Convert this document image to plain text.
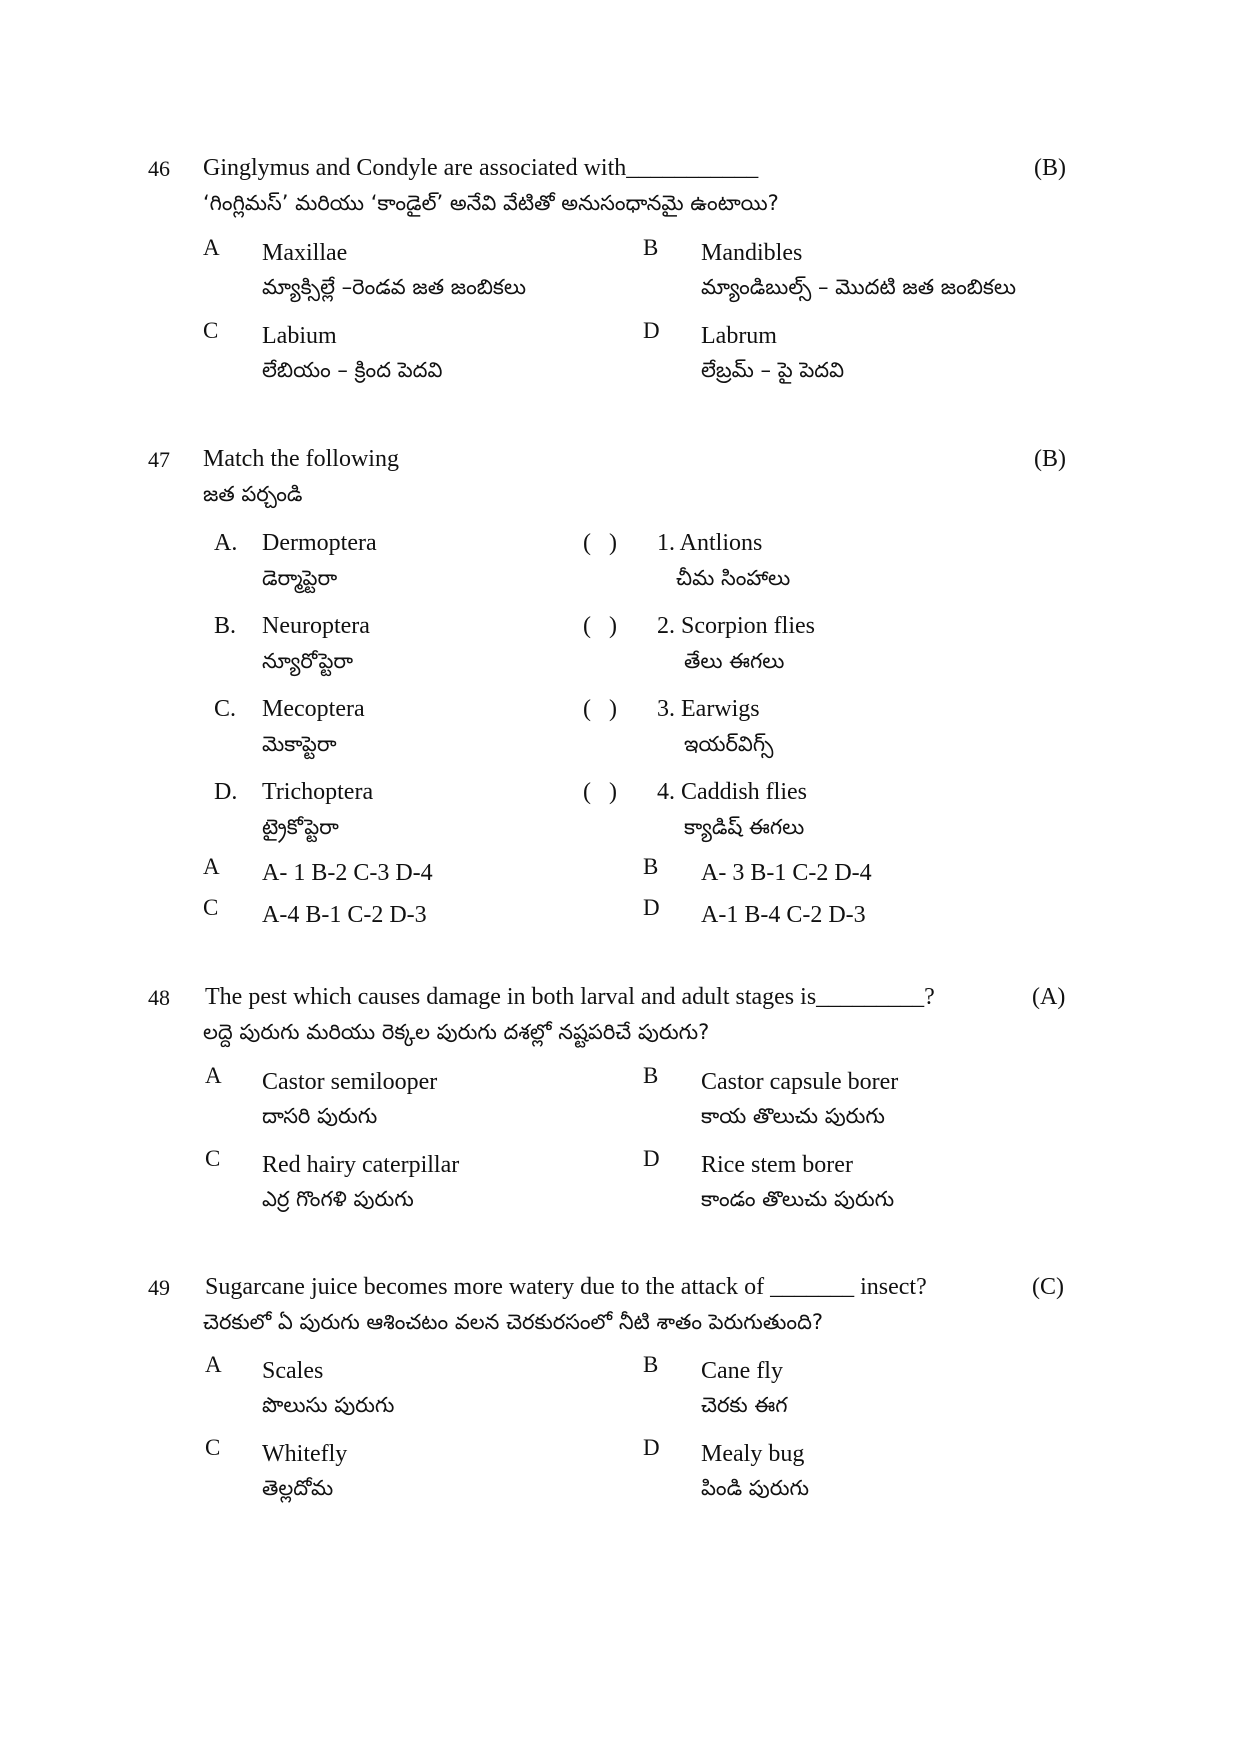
46 Ginglymus and Condyle are associated with___________	(B)
‘గింగ్లిమస్’ మరియు ‘కాండైల్’ అనేవి వేటితో అనుసంధానమై ఉంటాయి?
A Maxillae
మ్యాక్సిల్లే –రెండవ జత జంబికలు
B Mandibles
మ్యాండిబుల్స్ – మొదటి జత జంబికలు
C Labium
లేబియం – క్రింద పెదవి
D Labrum
లేబ్రమ్ – పై పెదవి
47 Match the following	(B)
జత పర్చండి
A. Dermoptera
డెర్మాప్టెరా
(   ) 1. Antlions
చీమ సింహాలు
B. Neuroptera
న్యూరోప్టెరా
(   ) 2. Scorpion flies
తేలు ఈగలు
C. Mecoptera
మెకాప్టెరా
(   ) 3. Earwigs
ఇయర్‌విగ్స్
D. Trichoptera
ట్రైకోప్టెరా
(   ) 4. Caddish flies
క్యాడిష్ ఈగలు
A A- 1 B-2 C-3 D-4	B A- 3 B-1 C-2 D-4
C A-4 B-1 C-2 D-3	D A-1 B-4 C-2 D-3
48 The pest which causes damage in both larval and adult stages is_________?	(A)
లద్దె పురుగు మరియు రెక్కల పురుగు దశల్లో నష్టపరిచే పురుగు?
A Castor semilooper
దాసరి పురుగు
B Castor capsule borer
కాయ తొలుచు పురుగు
C Red hairy caterpillar
ఎర్ర గొంగళి పురుగు
D Rice stem borer
కాండం తొలుచు పురుగు
49 Sugarcane juice becomes more watery due to the attack of _______ insect?	(C)
చెరకులో ఏ పురుగు ఆశించటం వలన చెరకురసంలో నీటి శాతం పెరుగుతుంది?
A Scales
పొలుసు పురుగు
B Cane fly
చెరకు ఈగ
C Whitefly
తెల్లదోమ
D Mealy bug
పిండి పురుగు
